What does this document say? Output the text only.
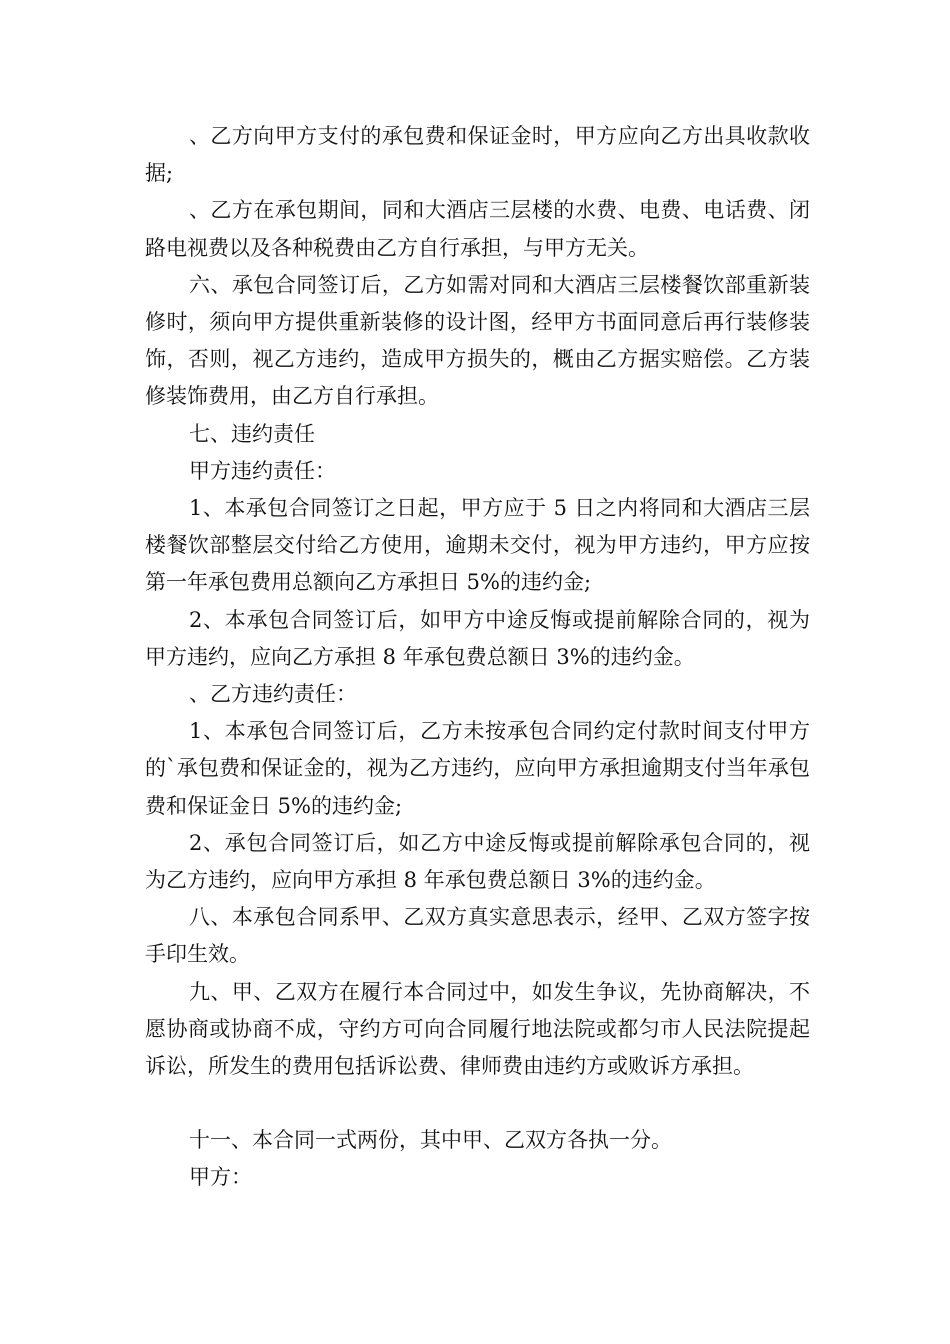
、乙方向甲方支付的承包费和保证金时，甲方应向乙方出具收款收据;

、乙方在承包期间，同和大酒店三层楼的水费、电费、电话费、闭路电视费以及各种税费由乙方自行承担，与甲方无关。

六、承包合同签订后，乙方如需对同和大酒店三层楼餐饮部重新装修时，须向甲方提供重新装修的设计图，经甲方书面同意后再行装修装饰，否则，视乙方违约，造成甲方损失的，概由乙方据实赔偿。乙方装修装饰费用，由乙方自行承担。

七、违约责任

甲方违约责任：

1、本承包合同签订之日起，甲方应于 5 日之内将同和大酒店三层楼餐饮部整层交付给乙方使用，逾期未交付，视为甲方违约，甲方应按第一年承包费用总额向乙方承担日 5%的违约金;

2、本承包合同签订后，如甲方中途反悔或提前解除合同的，视为甲方违约，应向乙方承担 8 年承包费总额日 3%的违约金。

、乙方违约责任：

1、本承包合同签订后，乙方未按承包合同约定付款时间支付甲方的`承包费和保证金的，视为乙方违约，应向甲方承担逾期支付当年承包费和保证金日 5%的违约金;

2、承包合同签订后，如乙方中途反悔或提前解除承包合同的，视为乙方违约，应向甲方承担 8 年承包费总额日 3%的违约金。

八、本承包合同系甲、乙双方真实意思表示，经甲、乙双方签字按手印生效。

九、甲、乙双方在履行本合同过中，如发生争议，先协商解决，不愿协商或协商不成，守约方可向合同履行地法院或都匀市人民法院提起诉讼，所发生的费用包括诉讼费、律师费由违约方或败诉方承担。

十一、本合同一式两份，其中甲、乙双方各执一分。

甲方：
